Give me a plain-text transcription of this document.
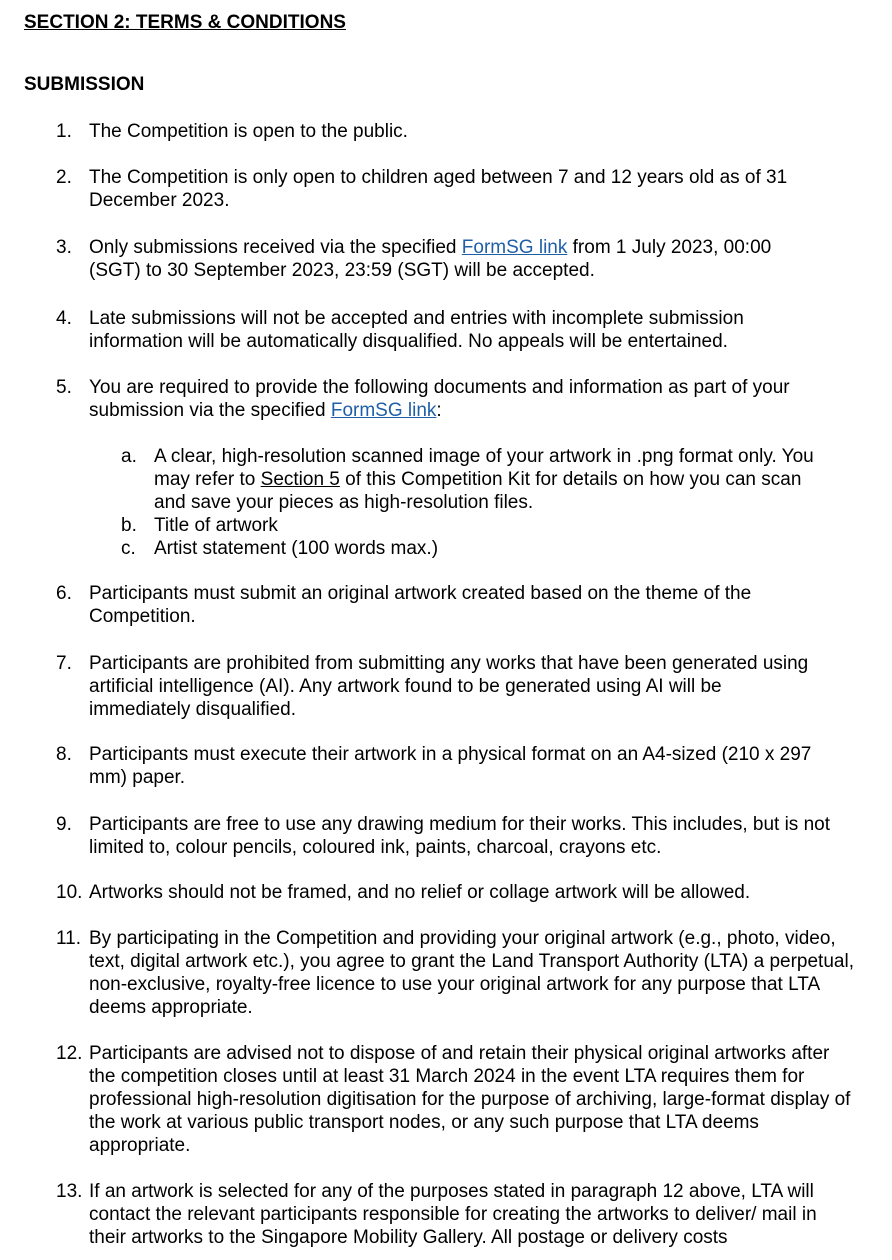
SECTION 2: TERMS & CONDITIONS
SUBMISSION
1. The Competition is open to the public.
2. The Competition is only open to children aged between 7 and 12 years old as of 31 December 2023.
3. Only submissions received via the specified FormSG link from 1 July 2023, 00:00 (SGT) to 30 September 2023, 23:59 (SGT) will be accepted.
4. Late submissions will not be accepted and entries with incomplete submission information will be automatically disqualified. No appeals will be entertained.
5. You are required to provide the following documents and information as part of your submission via the specified FormSG link:
a. A clear, high-resolution scanned image of your artwork in .png format only. You may refer to Section 5 of this Competition Kit for details on how you can scan and save your pieces as high-resolution files.
b. Title of artwork
c. Artist statement (100 words max.)
6. Participants must submit an original artwork created based on the theme of the Competition.
7. Participants are prohibited from submitting any works that have been generated using artificial intelligence (AI). Any artwork found to be generated using AI will be immediately disqualified.
8. Participants must execute their artwork in a physical format on an A4-sized (210 x 297 mm) paper.
9. Participants are free to use any drawing medium for their works. This includes, but is not limited to, colour pencils, coloured ink, paints, charcoal, crayons etc.
10. Artworks should not be framed, and no relief or collage artwork will be allowed.
11. By participating in the Competition and providing your original artwork (e.g., photo, video, text, digital artwork etc.), you agree to grant the Land Transport Authority (LTA) a perpetual, non-exclusive, royalty-free licence to use your original artwork for any purpose that LTA deems appropriate.
12. Participants are advised not to dispose of and retain their physical original artworks after the competition closes until at least 31 March 2024 in the event LTA requires them for professional high-resolution digitisation for the purpose of archiving, large-format display of the work at various public transport nodes, or any such purpose that LTA deems appropriate.
13. If an artwork is selected for any of the purposes stated in paragraph 12 above, LTA will contact the relevant participants responsible for creating the artworks to deliver/ mail in their artworks to the Singapore Mobility Gallery. All postage or delivery costs
